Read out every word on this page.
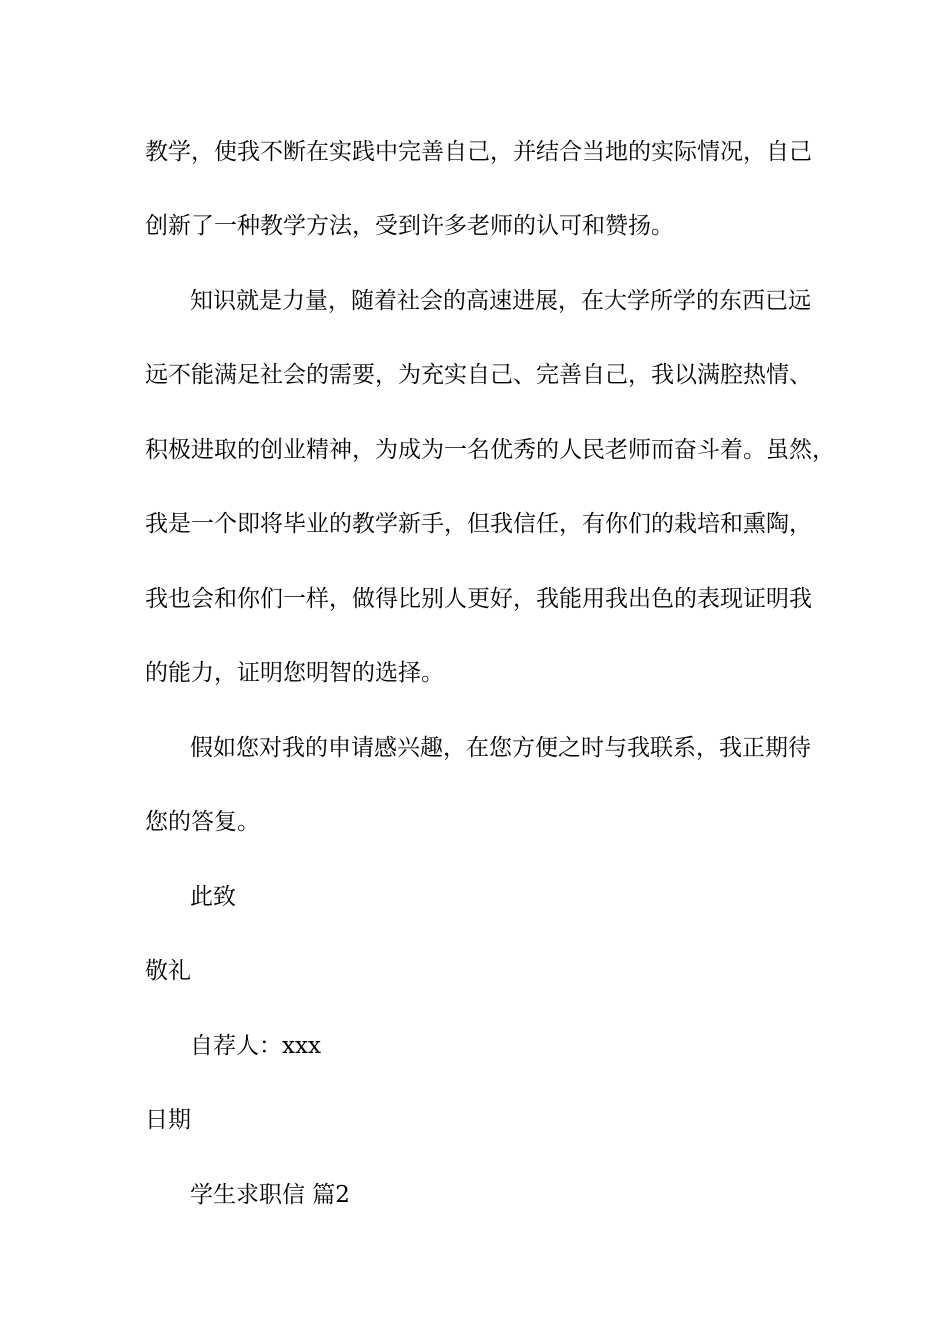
教学，使我不断在实践中完善自己，并结合当地的实际情况，自己
创新了一种教学方法，受到许多老师的认可和赞扬。
知识就是力量，随着社会的高速进展，在大学所学的东西已远
远不能满足社会的需要，为充实自己、完善自己，我以满腔热情、
积极进取的创业精神，为成为一名优秀的人民老师而奋斗着。虽然，
我是一个即将毕业的教学新手，但我信任，有你们的栽培和熏陶，
我也会和你们一样，做得比别人更好，我能用我出色的表现证明我
的能力，证明您明智的选择。
假如您对我的申请感兴趣，在您方便之时与我联系，我正期待
您的答复。
此致
敬礼
自荐人：xxx
日期
学生求职信 篇2
